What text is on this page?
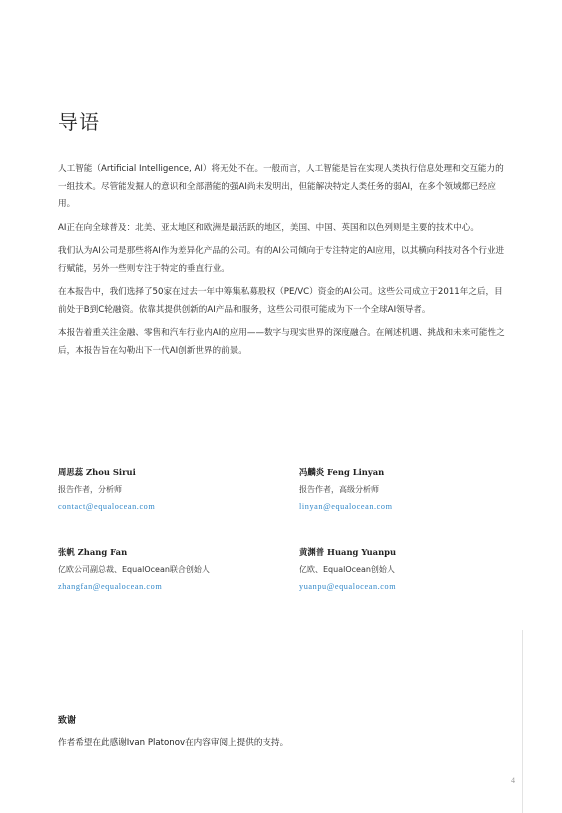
导语

人工智能（Artificial Intelligence, AI）将无处不在。一般而言，人工智能是旨在实现人类执行信息处理和交互能力的一组技术。尽管能发掘人的意识和全部潜能的强AI尚未发明出，但能解决特定人类任务的弱AI，在多个领域都已经应用。

AI正在向全球普及：北美、亚太地区和欧洲是最活跃的地区，美国、中国、英国和以色列则是主要的技术中心。

我们认为AI公司是那些将AI作为差异化产品的公司。有的AI公司倾向于专注特定的AI应用，以其横向科技对各个行业进行赋能，另外一些则专注于特定的垂直行业。

在本报告中，我们选择了50家在过去一年中筹集私募股权（PE/VC）资金的AI公司。这些公司成立于2011年之后，目前处于B到C轮融资。依靠其提供创新的AI产品和服务，这些公司很可能成为下一个全球AI领导者。

本报告着重关注金融、零售和汽车行业内AI的应用——数字与现实世界的深度融合。在阐述机遇、挑战和未来可能性之后，本报告旨在勾勒出下一代AI创新世界的前景。

周思蕊 Zhou Sirui
报告作者，分析师
contact@equalocean.com
冯麟炎 Feng Linyan
报告作者，高级分析师
linyan@equalocean.com
张帆 Zhang Fan
亿欧公司副总裁、EqualOcean联合创始人
zhangfan@equalocean.com
黄渊普 Huang Yuanpu
亿欧、EqualOcean创始人
yuanpu@equalocean.com
致谢
作者希望在此感谢Ivan Platonov在内容审阅上提供的支持。
4
